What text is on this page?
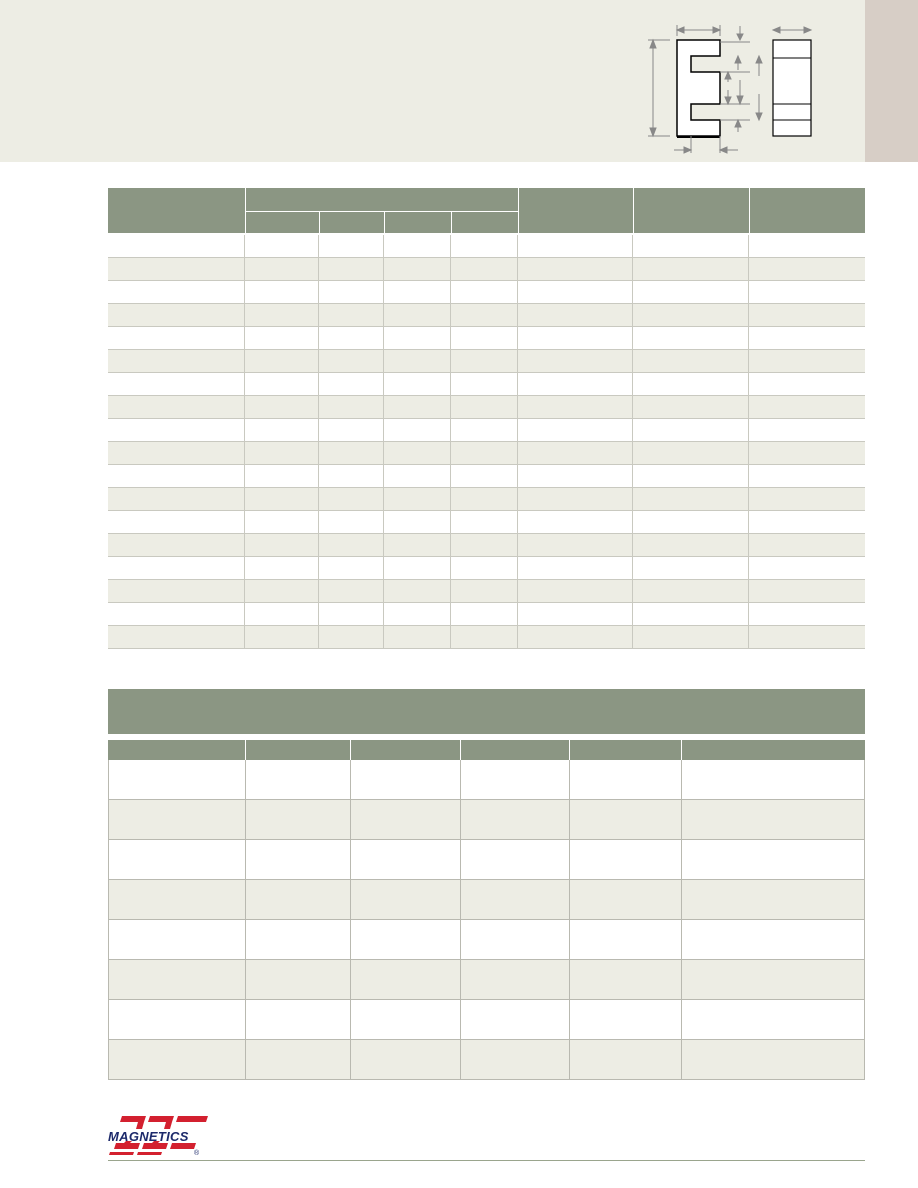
®
MAGNETICS
